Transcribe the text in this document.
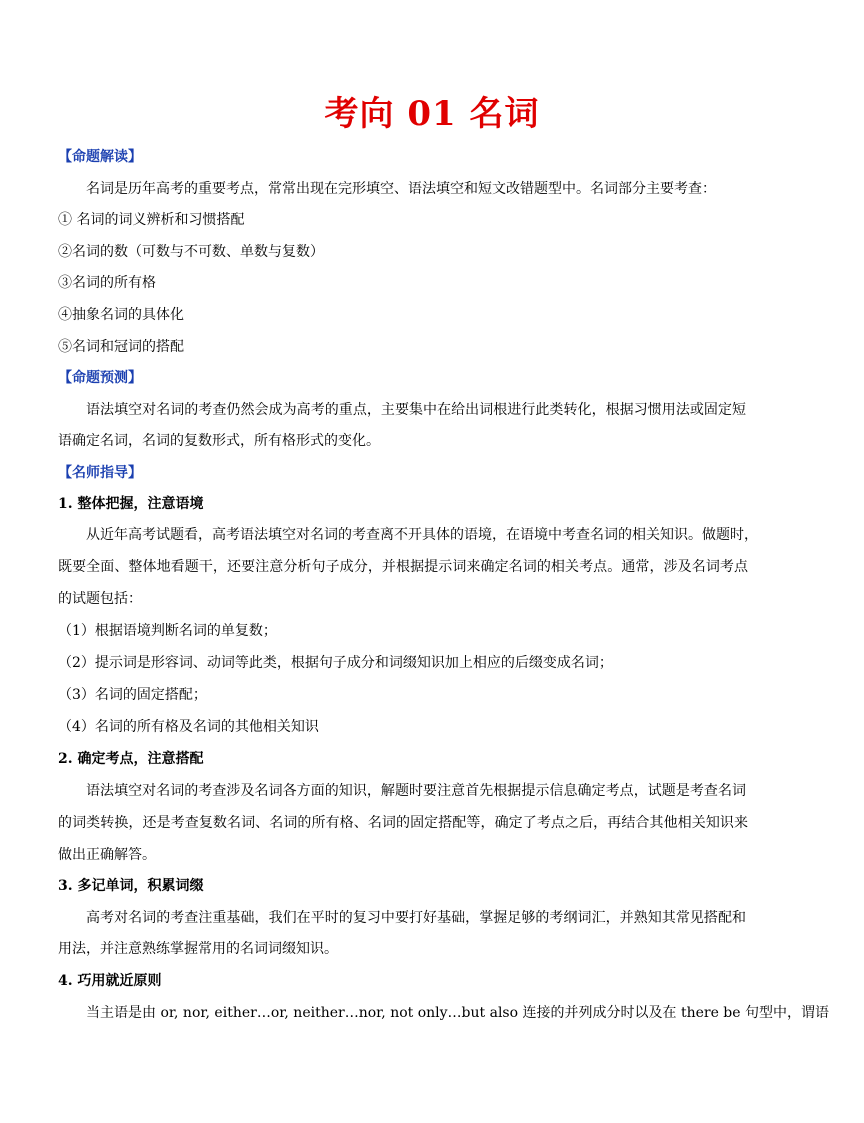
考向 01 名词
【命题解读】
名词是历年高考的重要考点，常常出现在完形填空、语法填空和短文改错题型中。名词部分主要考查：
① 名词的词义辨析和习惯搭配
②名词的数（可数与不可数、单数与复数）
③名词的所有格
④抽象名词的具体化
⑤名词和冠词的搭配
【命题预测】
语法填空对名词的考查仍然会成为高考的重点，主要集中在给出词根进行此类转化，根据习惯用法或固定短
语确定名词，名词的复数形式，所有格形式的变化。
【名师指导】
1. 整体把握，注意语境
从近年高考试题看，高考语法填空对名词的考查离不开具体的语境，在语境中考查名词的相关知识。做题时，
既要全面、整体地看题干，还要注意分析句子成分，并根据提示词来确定名词的相关考点。通常，涉及名词考点
的试题包括：
（1）根据语境判断名词的单复数；
（2）提示词是形容词、动词等此类，根据句子成分和词缀知识加上相应的后缀变成名词；
（3）名词的固定搭配；
（4）名词的所有格及名词的其他相关知识
2. 确定考点，注意搭配
语法填空对名词的考查涉及名词各方面的知识，解题时要注意首先根据提示信息确定考点，试题是考查名词
的词类转换，还是考查复数名词、名词的所有格、名词的固定搭配等，确定了考点之后，再结合其他相关知识来
做出正确解答。
3. 多记单词，积累词缀
高考对名词的考查注重基础，我们在平时的复习中要打好基础，掌握足够的考纲词汇，并熟知其常见搭配和
用法，并注意熟练掌握常用的名词词缀知识。
4. 巧用就近原则
当主语是由 or, nor, either…or, neither…nor, not only…but also 连接的并列成分时以及在 there be 句型中，谓语
